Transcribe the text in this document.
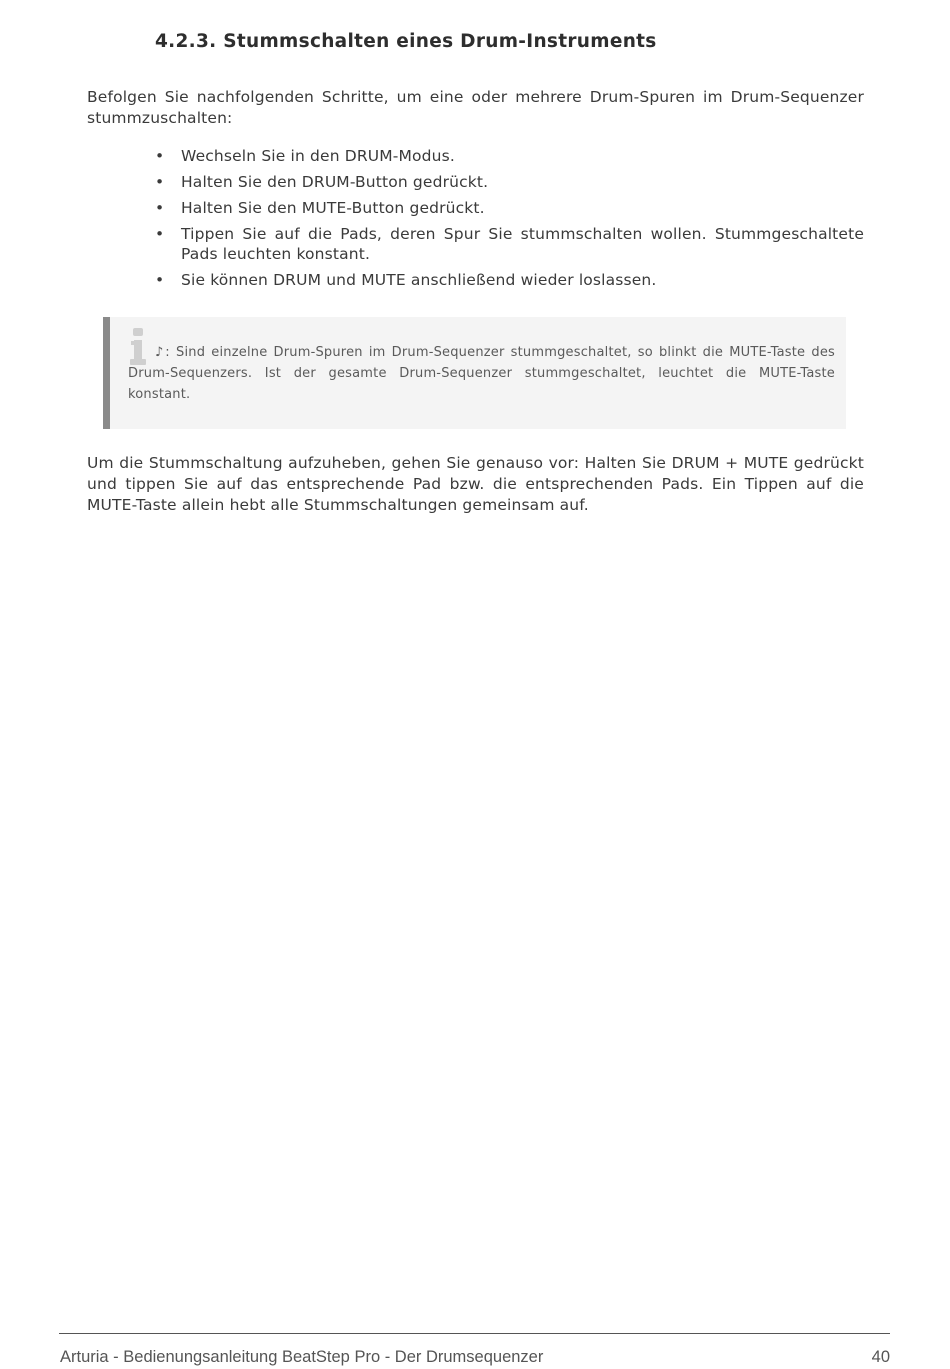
4.2.3. Stummschalten eines Drum-Instruments

Befolgen Sie nachfolgenden Schritte, um eine oder mehrere Drum-Spuren im Drum-Sequenzer stummzuschalten:

• Wechseln Sie in den DRUM-Modus.
• Halten Sie den DRUM-Button gedrückt.
• Halten Sie den MUTE-Button gedrückt.
• Tippen Sie auf die Pads, deren Spur Sie stummschalten wollen. Stummgeschaltete Pads leuchten konstant.
• Sie können DRUM und MUTE anschließend wieder loslassen.

♪: Sind einzelne Drum-Spuren im Drum-Sequenzer stummgeschaltet, so blinkt die MUTE-Taste des Drum-Sequenzers. Ist der gesamte Drum-Sequenzer stummgeschaltet, leuchtet die MUTE-Taste konstant.

Um die Stummschaltung aufzuheben, gehen Sie genauso vor: Halten Sie DRUM + MUTE gedrückt und tippen Sie auf das entsprechende Pad bzw. die entsprechenden Pads. Ein Tippen auf die MUTE-Taste allein hebt alle Stummschaltungen gemeinsam auf.

Arturia - Bedienungsanleitung BeatStep Pro - Der Drumsequenzer	40
